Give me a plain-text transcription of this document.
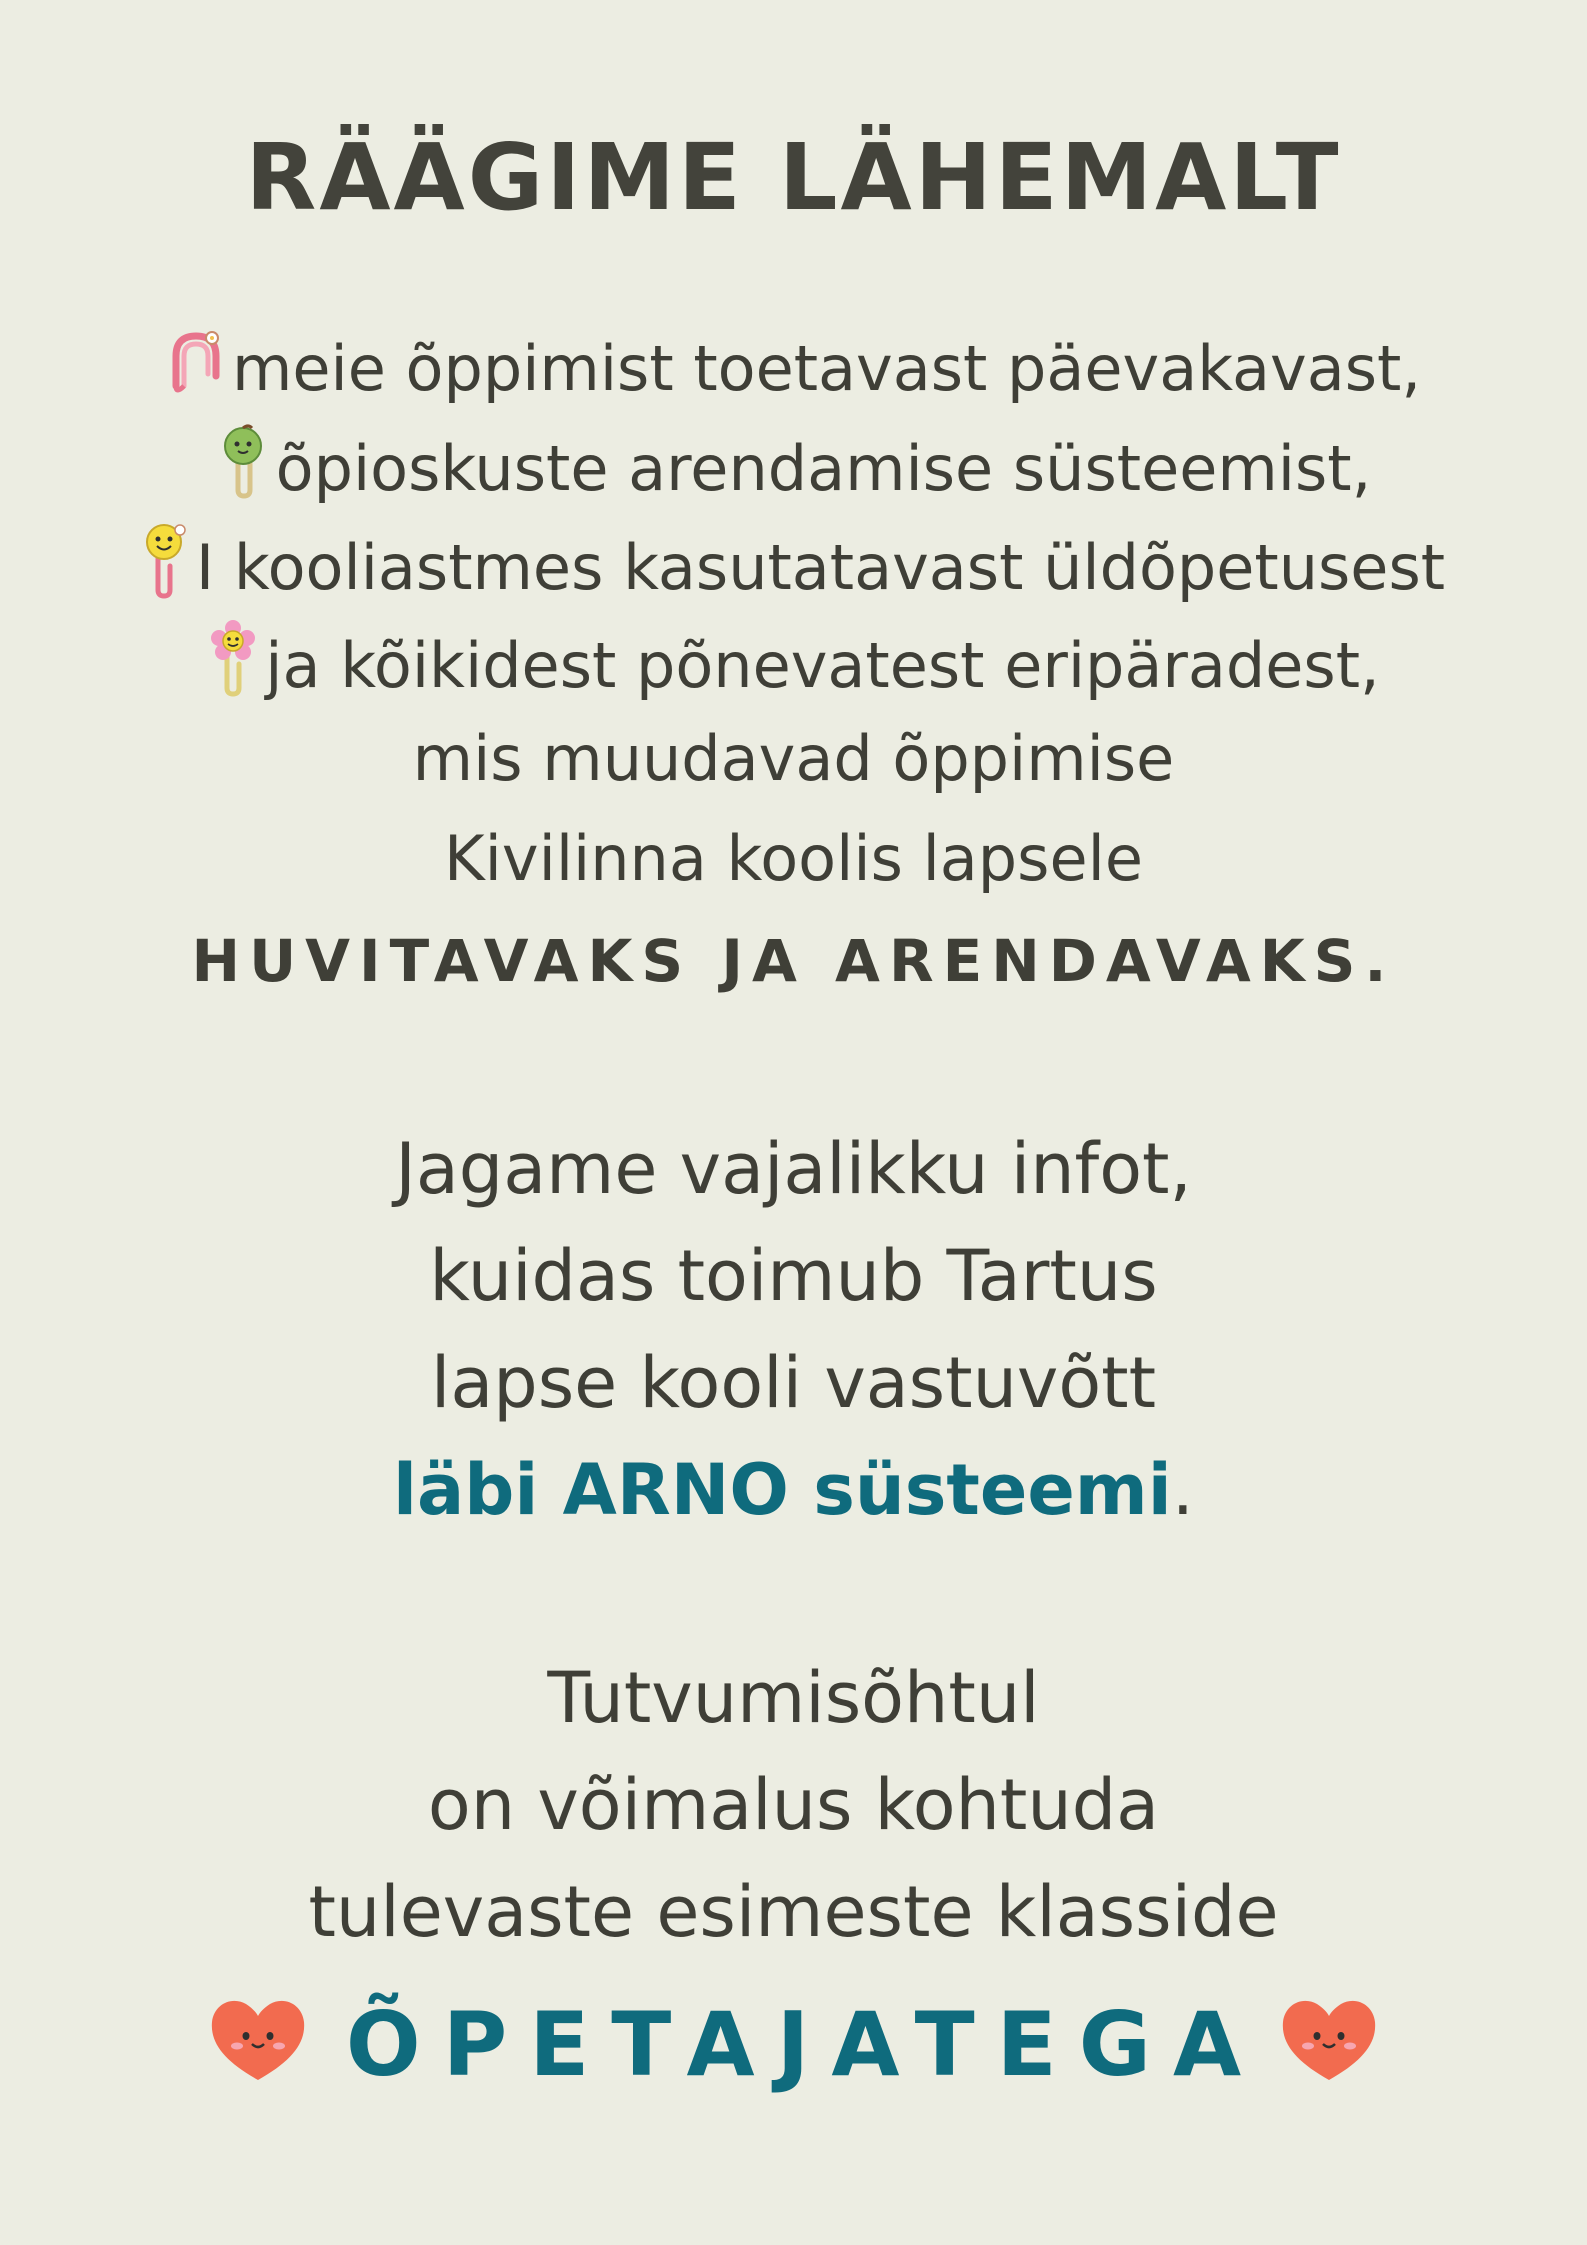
RÄÄGIME LÄHEMALT
meie õppimist toetavast päevakavast,
õpioskuste arendamise süsteemist,
I kooliastmes kasutatavast üldõpetusest
ja kõikidest põnevatest eripäradest,
mis muudavad õppimise
Kivilinna koolis lapsele
HUVITAVAKS JA ARENDAVAKS.
Jagame vajalikku infot,
kuidas toimub Tartus
lapse kooli vastuvõtt
läbi ARNO süsteemi.
Tutvumisõhtul
on võimalus kohtuda
tulevaste esimeste klasside
ÕPETAJATEGA
